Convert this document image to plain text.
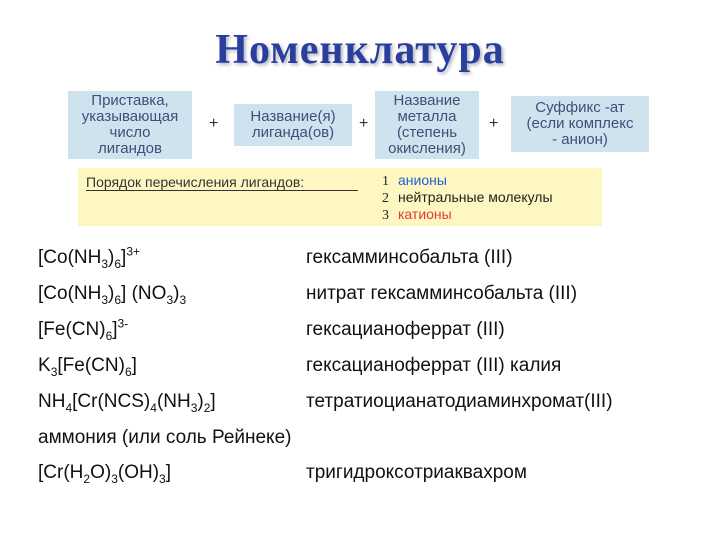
Номенклатура
Приставка,
указывающая
число
лигандов
+ Название(я)
лиганда(ов)
+
Название
металла
(степень
окисления)
+
Суффикс -ат
(если комплекс
- анион)
Порядок перечисления лигандов:	1 анионы
2 нейтральные молекулы
3 катионы
$[Co(NH_3)_6]^{3+}$	гексамминсобальта (III)
$[Co(NH_3)_6]$ $(NO_3)_3$	нитрат гексамминсобальта (III)
$[Fe(CN)_6]^{3-}$	гексацианоферрат (III)
$K_3[Fe(CN)_6]$	гексацианоферрат (III) калия
$NH_4[Cr(NCS)_4(NH_3)_2]$	тетратиоцианатодиаминхромат(III)
аммония (или соль Рейнеке)
$[Cr(H_2O)_3(OH)_3]$	тригидроксотриаквахром
